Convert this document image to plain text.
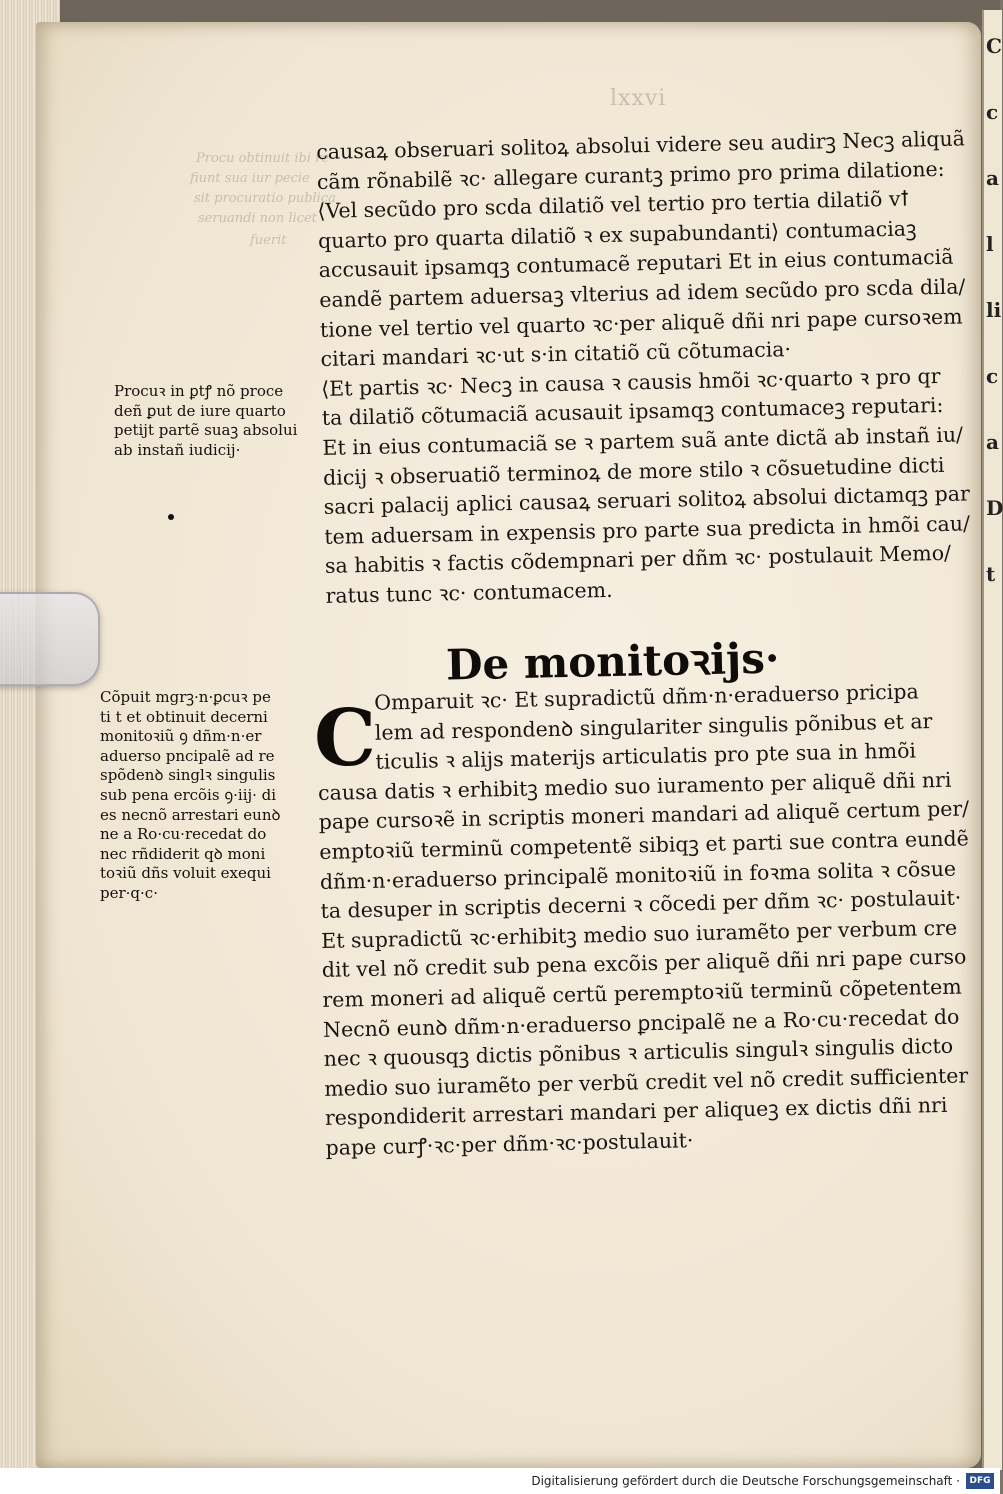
C
c
a
l
li
c
a
D
t
lxxvi
Procu obtinuit ibi re
fiunt sua iur pecie
sit procuratio publica
seruandi non licet
fuerit
causaꝝ obseruari solitoꝝ absolui videre seu audirꝫ Necꝫ aliquã
cãm rõnabilẽ ꝛc· allegare curantꝫ primo pro prima dilatione:
⟨Vel secũdo pro scda dilatiõ vel tertio pro tertia dilatiõ vꝉ
quarto pro quarta dilatiõ ꝛ ex supabundanti⟩ contumaciaꝫ
accusauit ipsamqꝫ contumacẽ reputari Et in eius contumaciã
eandẽ partem aduersaꝫ vlterius ad idem secũdo pro scda dila/
tione vel tertio vel quarto ꝛc·per aliquẽ dñi nri pape cursoꝛem
citari mandari ꝛc·ut s·in citatiõ cũ cõtumacia·
⟨Et partis ꝛc· Necꝫ in causa ꝛ causis hmõi ꝛc·quarto ꝛ pro qr
ta dilatiõ cõtumaciã acusauit ipsamqꝫ contumaceꝫ reputari:
Et in eius contumaciã se ꝛ partem suã ante dictã ab instañ iu/
dicij ꝛ obseruatiõ terminoꝝ de more stilo ꝛ cõsuetudine dicti
sacri palacij aplici causaꝝ seruari solitoꝝ absolui dictamqꝫ par
tem aduersam in expensis pro parte sua predicta in hmõi cau/
sa habitis ꝛ factis cõdempnari per dñm ꝛc· postulauit Memo/
ratus tunc ꝛc· contumacem.
De monitoꝛijs·
C
Omparuit ꝛc· Et supradictũ dñm·n·eraduerso pricipa
lem ad respondenꝺ singulariter singulis põnibus et ar
ticulis ꝛ alijs materijs articulatis pro pte sua in hmõi
causa datis ꝛ erhibitꝫ medio suo iuramento per aliquẽ dñi nri
pape cursoꝛẽ in scriptis moneri mandari ad aliquẽ certum per/
emptoꝛiũ terminũ competentẽ sibiqꝫ et parti sue contra eundẽ
dñm·n·eraduerso principalẽ monitoꝛiũ in foꝛma solita ꝛ cõsue
ta desuper in scriptis decerni ꝛ cõcedi per dñm ꝛc· postulauit·
Et supradictũ ꝛc·erhibitꝫ medio suo iuramẽto per verbum cre
dit vel nõ credit sub pena excõis per aliquẽ dñi nri pape curso
rem moneri ad aliquẽ certũ peremptoꝛiũ terminũ cõpetentem
Necnõ eunꝺ dñm·n·eraduerso ꝑncipalẽ ne a Ro·cu·recedat do
nec ꝛ quousqꝫ dictis põnibus ꝛ articulis singulꝛ singulis dicto
medio suo iuramẽto per verbũ credit vel nõ credit sufficienter
respondiderit arrestari mandari per aliqueꝫ ex dictis dñi nri
pape curꝭ·ꝛc·per dñm·ꝛc·postulauit·
Procuꝛ in ꝑtꝭ nõ proce
deñ ꝑut de iure quarto
petijt partẽ suaꝫ absolui
ab instañ iudicij·
Cõpuit mgrꝫ·n·ꝑcuꝛ pe
ti t et obtinuit decerni
monitoꝛiũ ꝯ dñm·n·er
aduerso pncipalẽ ad re
spõdenꝺ singlꝛ singulis
sub pena ercõis ꝯ·iij· di
es necnõ arrestari eunꝺ
ne a Ro·cu·recedat do
nec rñdiderit qꝺ moni
toꝛiũ dñs voluit exequi
per·q·c·
Digitalisierung gefördert durch die Deutsche Forschungsgemeinschaft ·	DFG
